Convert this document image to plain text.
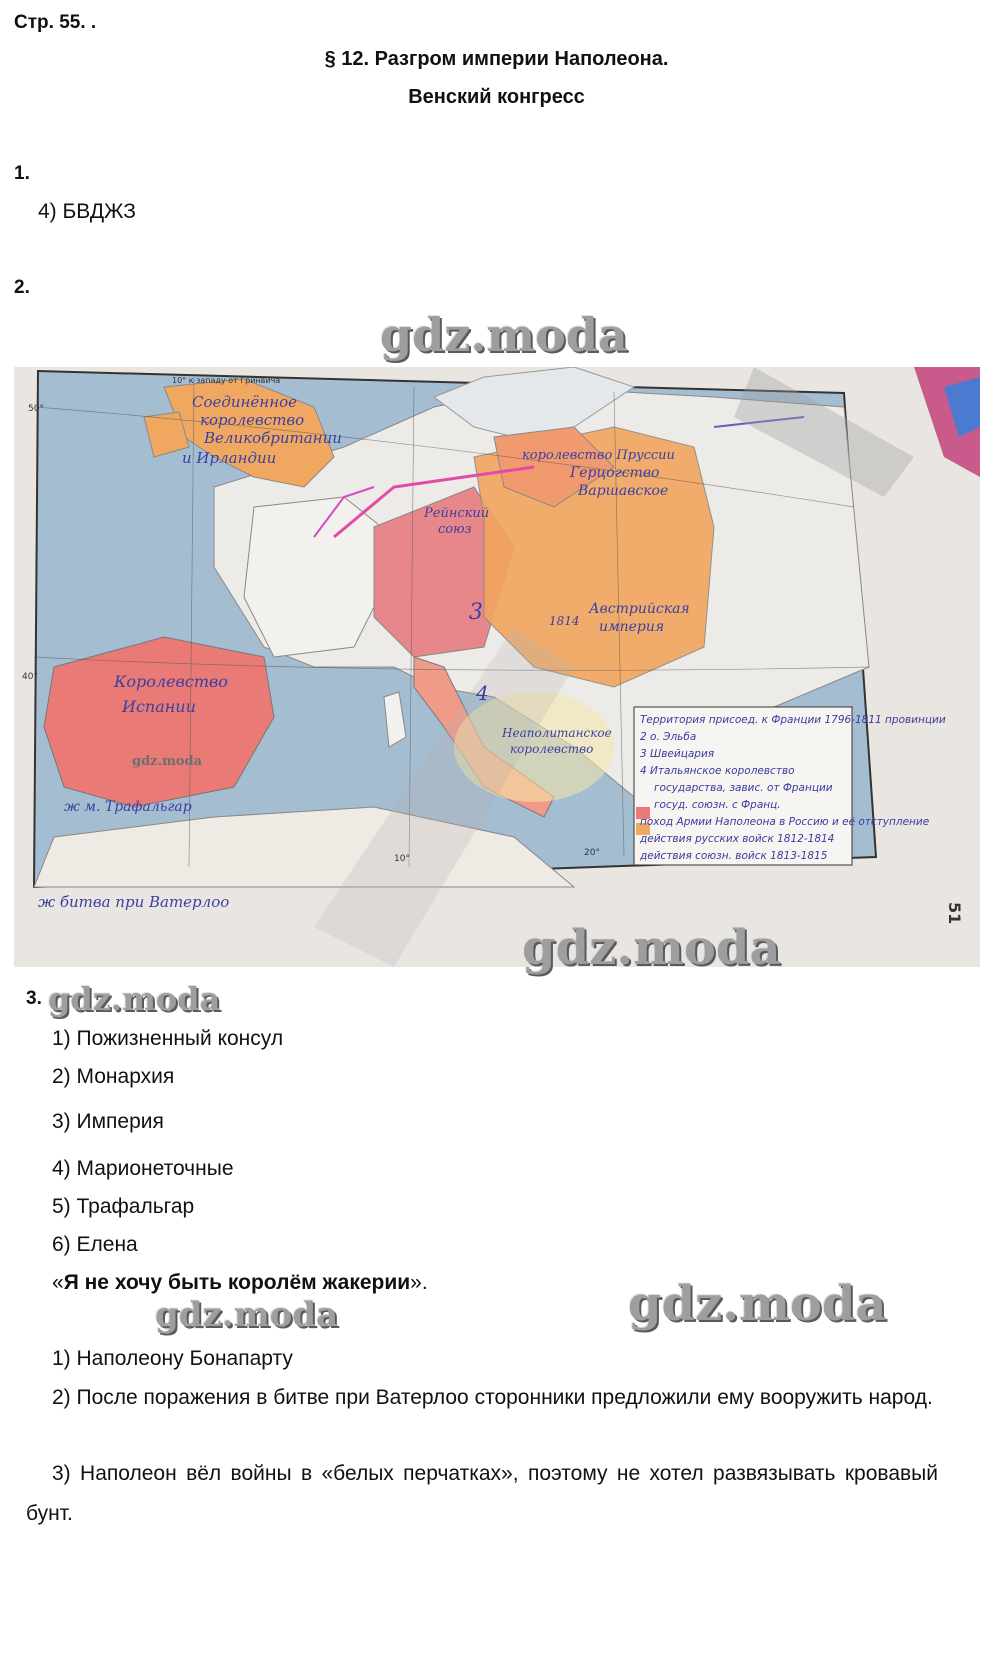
Стр. 55. .
§ 12. Разгром империи Наполеона.
Венский конгресс
1.
4) БВДЖЗ
2.
Территория присоед. к Франции 1796-1811 провинции
2 о. Эльба
3 Швейцария
4 Итальянское королевство
государства, завис. от Франции
госуд. союзн. с Франц.
поход Армии Наполеона в Россию и её отступление
действия русских войск 1812-1814
действия союзн. войск 1813-1815
Соединённое
королевство
Великобритании
и Ирландии	королевство Пруссии
Герцогство
Варшавское
Рейнский
союз
Австрийская
империя
1814
3
4
Королевство
Испании
Неаполитанское
королевство
ж м. Трафальгар
ж битва при Ватерлоо
50°
40°
10°
20°
10° к западу от Гринвича
51
gdz.moda
gdz.moda
gdz.moda
3. gdz.moda
1) Пожизненный консул
2) Монархия
3) Империя
4) Марионеточные
5) Трафальгар
6) Елена
«Я не хочу быть королём жакерии».
gdz.moda	gdz.moda
1) Наполеону Бонапарту
2) После поражения в битве при Ватерлоо сторонники предложили ему вооружить народ.
3) Наполеон вёл войны в «белых перчатках», поэтому не хотел развязывать кровавый бунт.
